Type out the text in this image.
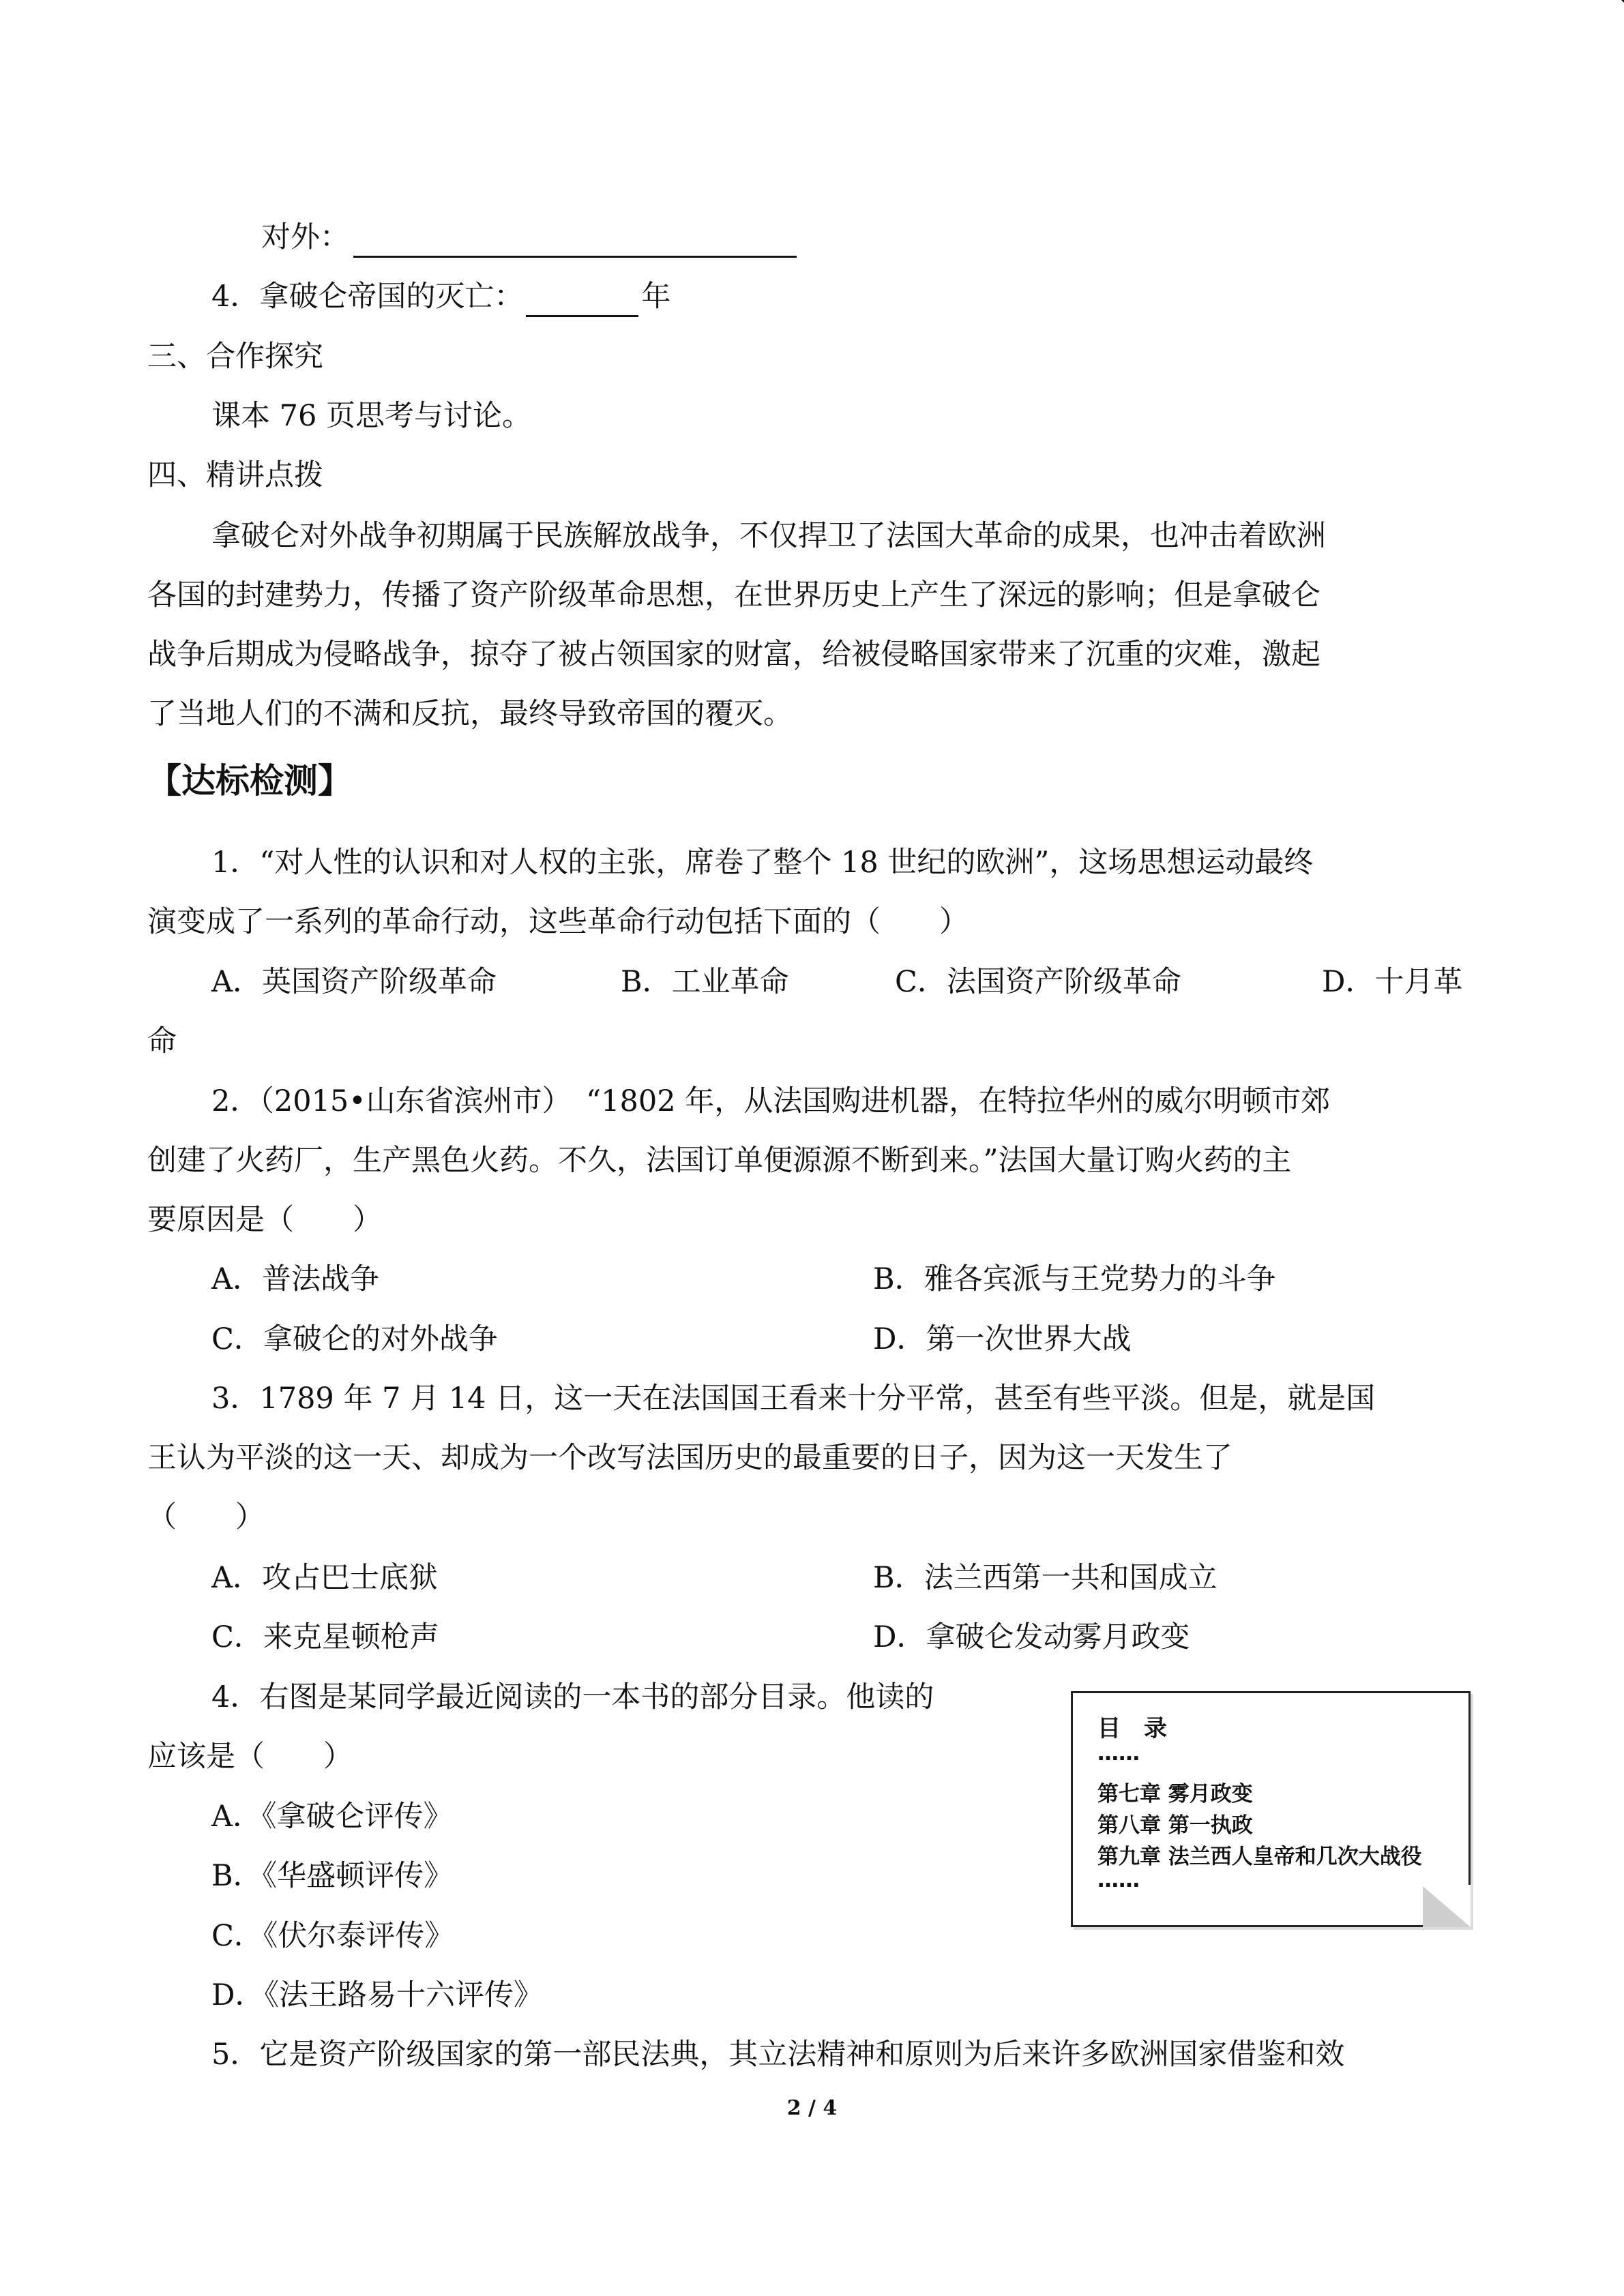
对外：
4．拿破仑帝国的灭亡：	年
三、合作探究
课本 76 页思考与讨论。
四、精讲点拨
拿破仑对外战争初期属于民族解放战争，不仅捍卫了法国大革命的成果，也冲击着欧洲
各国的封建势力，传播了资产阶级革命思想，在世界历史上产生了深远的影响；但是拿破仑
战争后期成为侵略战争，掠夺了被占领国家的财富，给被侵略国家带来了沉重的灾难，激起
了当地人们的不满和反抗，最终导致帝国的覆灭。
【达标检测】
1．“对人性的认识和对人权的主张，席卷了整个 18 世纪的欧洲”，这场思想运动最终
演变成了一系列的革命行动，这些革命行动包括下面的（　　）
A．英国资产阶级革命	B．工业革命	C．法国资产阶级革命	D．十月革
命
2．（2015•山东省滨州市）　“1802 年，从法国购进机器，在特拉华州的威尔明顿市郊
创建了火药厂，生产黑色火药。不久，法国订单便源源不断到来。”法国大量订购火药的主
要原因是（　　）
A．普法战争	B．雅各宾派与王党势力的斗争
C．拿破仑的对外战争	D．第一次世界大战
3．1789 年 7 月 14 日，这一天在法国国王看来十分平常，甚至有些平淡。但是，就是国
王认为平淡的这一天、却成为一个改写法国历史的最重要的日子，因为这一天发生了
（　　）
A．攻占巴士底狱	B．法兰西第一共和国成立
C．来克星顿枪声	D．拿破仑发动雾月政变
4．右图是某同学最近阅读的一本书的部分目录。他读的
应该是（　　）
A．《拿破仑评传》
B．《华盛顿评传》
C．《伏尔泰评传》
D．《法王路易十六评传》
目　录
……
第七章 雾月政变
第八章 第一执政
第九章 法兰西人皇帝和几次大战役
……
5．它是资产阶级国家的第一部民法典，其立法精神和原则为后来许多欧洲国家借鉴和效
2 / 4
